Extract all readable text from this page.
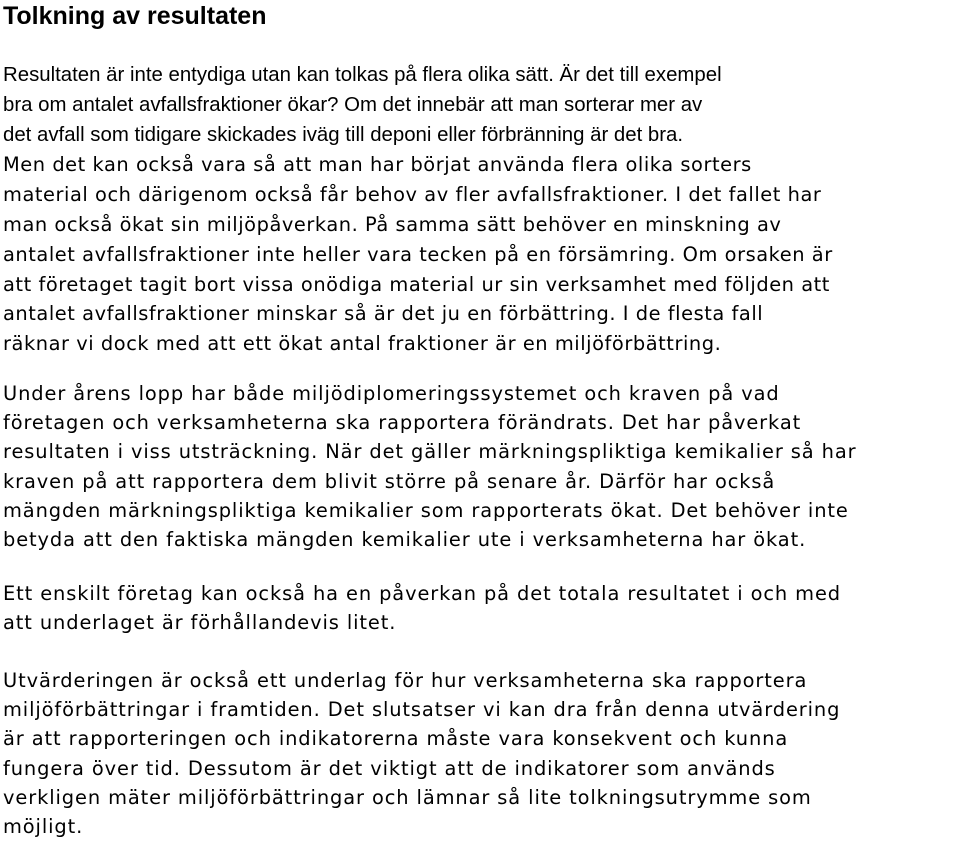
Tolkning av resultaten
Resultaten är inte entydiga utan kan tolkas på flera olika sätt. Är det till exempel
bra om antalet avfallsfraktioner ökar? Om det innebär att man sorterar mer av
det avfall som tidigare skickades iväg till deponi eller förbränning är det bra.
Men det kan också vara så att man har börjat använda flera olika sorters
material och därigenom också får behov av fler avfallsfraktioner. I det fallet har
man också ökat sin miljöpåverkan. På samma sätt behöver en minskning av
antalet avfallsfraktioner inte heller vara tecken på en försämring. Om orsaken är
att företaget tagit bort vissa onödiga material ur sin verksamhet med följden att
antalet avfallsfraktioner minskar så är det ju en förbättring. I de flesta fall
räknar vi dock med att ett ökat antal fraktioner är en miljöförbättring.
Under årens lopp har både miljödiplomeringssystemet och kraven på vad
företagen och verksamheterna ska rapportera förändrats. Det har påverkat
resultaten i viss utsträckning. När det gäller märkningspliktiga kemikalier så har
kraven på att rapportera dem blivit större på senare år. Därför har också
mängden märkningspliktiga kemikalier som rapporterats ökat. Det behöver inte
betyda att den faktiska mängden kemikalier ute i verksamheterna har ökat.
Ett enskilt företag kan också ha en påverkan på det totala resultatet i och med
att underlaget är förhållandevis litet.
Utvärderingen är också ett underlag för hur verksamheterna ska rapportera
miljöförbättringar i framtiden. Det slutsatser vi kan dra från denna utvärdering
är att rapporteringen och indikatorerna måste vara konsekvent och kunna
fungera över tid. Dessutom är det viktigt att de indikatorer som används
verkligen mäter miljöförbättringar och lämnar så lite tolkningsutrymme som
möjligt.
